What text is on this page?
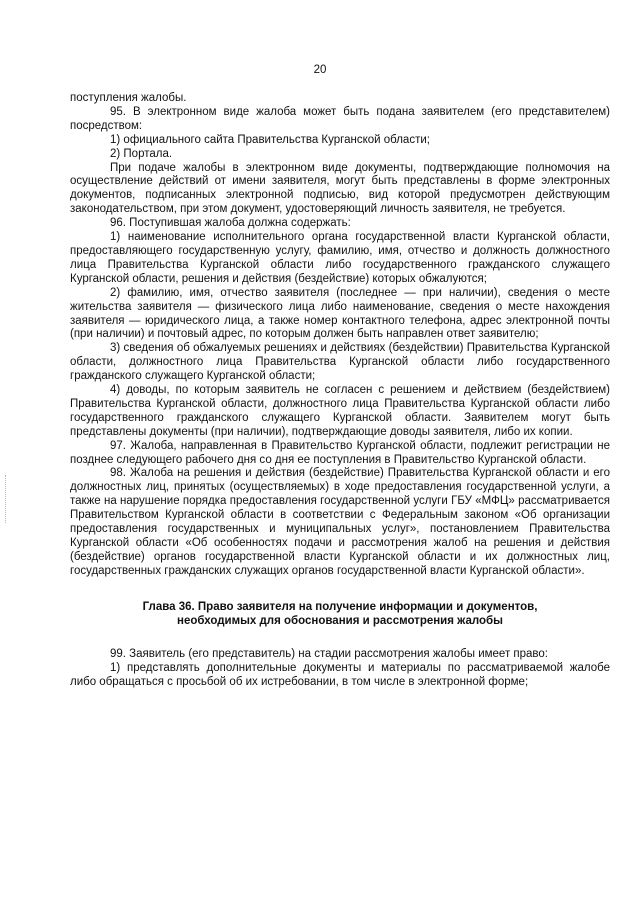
20

поступления жалобы.

95. В электронном виде жалоба может быть подана заявителем (его представителем) посредством:

1) официального сайта Правительства Курганской области;

2) Портала.

При подаче жалобы в электронном виде документы, подтверждающие полномочия на осуществление действий от имени заявителя, могут быть представлены в форме электронных документов, подписанных электронной подписью, вид которой предусмотрен действующим законодательством, при этом документ, удостоверяющий личность заявителя, не требуется.

96. Поступившая жалоба должна содержать:

1) наименование исполнительного органа государственной власти Курганской области, предоставляющего государственную услугу, фамилию, имя, отчество и должность должностного лица Правительства Курганской области либо государственного гражданского служащего Курганской области, решения и действия (бездействие) которых обжалуются;

2) фамилию, имя, отчество заявителя (последнее — при наличии), сведения о месте жительства заявителя — физического лица либо наименование, сведения о месте нахождения заявителя — юридического лица, а также номер контактного телефона, адрес электронной почты (при наличии) и почтовый адрес, по которым должен быть направлен ответ заявителю;

3) сведения об обжалуемых решениях и действиях (бездействии) Правительства Курганской области, должностного лица Правительства Курганской области либо государственного гражданского служащего Курганской области;

4) доводы, по которым заявитель не согласен с решением и действием (бездействием) Правительства Курганской области, должностного лица Правительства Курганской области либо государственного гражданского служащего Курганской области. Заявителем могут быть представлены документы (при наличии), подтверждающие доводы заявителя, либо их копии.

97. Жалоба, направленная в Правительство Курганской области, подлежит регистрации не позднее следующего рабочего дня со дня ее поступления в Правительство Курганской области.

98. Жалоба на решения и действия (бездействие) Правительства Курганской области и его должностных лиц, принятых (осуществляемых) в ходе предоставления государственной услуги, а также на нарушение порядка предоставления государственной услуги ГБУ «МФЦ» рассматривается Правительством Курганской области в соответствии с Федеральным законом «Об организации предоставления государственных и муниципальных услуг», постановлением Правительства Курганской области «Об особенностях подачи и рассмотрения жалоб на решения и действия (бездействие) органов государственной власти Курганской области и их должностных лиц, государственных гражданских служащих органов государственной власти Курганской области».

Глава 36. Право заявителя на получение информации и документов, необходимых для обоснования и рассмотрения жалобы

99. Заявитель (его представитель) на стадии рассмотрения жалобы имеет право:

1) представлять дополнительные документы и материалы по рассматриваемой жалобе либо обращаться с просьбой об их истребовании, в том числе в электронной форме;
